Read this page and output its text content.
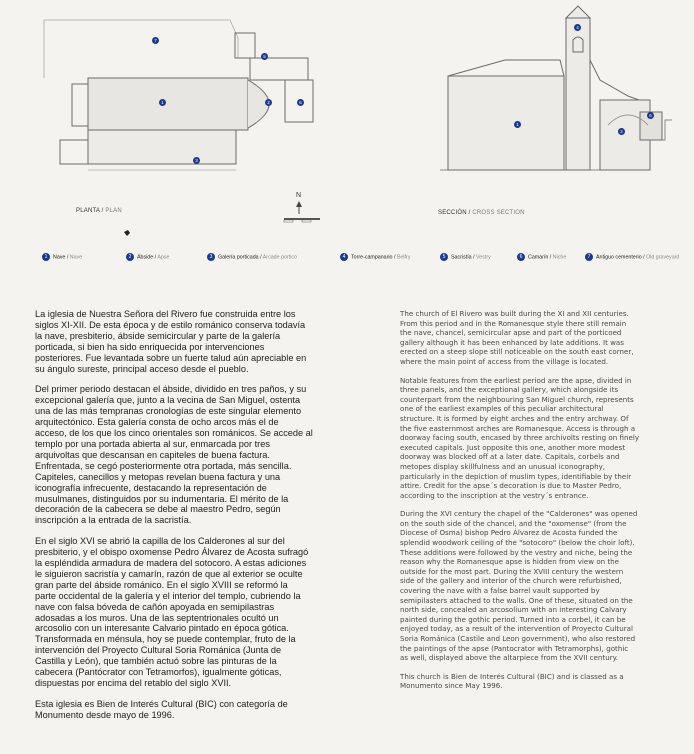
7
5
2	6
1
3
4
1
2
6
PLANTA / PLAN
N
SECCIÓN / CROSS SECTION
1 Nave / Nave	2 Ábside / Apse	3 Galería porticada / Arcade portico	4 Torre-campanario / Belfry	5 Sacristía / Vestry	6 Camarín / Niche	7 Antiguo cementerio / Old graveyard
La iglesia de Nuestra Señora del Rivero fue construida entre los
siglos XI-XII. De esta época y de estilo románico conserva todavía
la nave, presbiterio, ábside semicircular y parte de la galería
porticada, si bien ha sido enriquecida por intervenciones
posteriores. Fue levantada sobre un fuerte talud aún apreciable en
su ángulo sureste, principal acceso desde el pueblo.
Del primer periodo destacan el ábside, dividido en tres paños, y su
excepcional galería que, junto a la vecina de San Miguel, ostenta
una de las más tempranas cronologías de este singular elemento
arquitectónico. Esta galería consta de ocho arcos más el de
acceso, de los que los cinco orientales son románicos. Se accede al
templo por una portada abierta al sur, enmarcada por tres
arquivoltas que descansan en capiteles de buena factura.
Enfrentada, se cegó posteriormente otra portada, más sencilla.
Capiteles, canecillos y metopas revelan buena factura y una
iconografía infrecuente, destacando la representación de
musulmanes, distinguidos por su indumentaria. El mérito de la
decoración de la cabecera se debe al maestro Pedro, según
inscripción a la entrada de la sacristía.
En el siglo XVI se abrió la capilla de los Calderones al sur del
presbiterio, y el obispo oxomense Pedro Álvarez de Acosta sufragó
la espléndida armadura de madera del sotocoro. A estas adiciones
le siguieron sacristía y camarín, razón de que al exterior se oculte
gran parte del ábside románico. En el siglo XVIII se reformó la
parte occidental de la galería y el interior del templo, cubriendo la
nave con falsa bóveda de cañón apoyada en semipilastras
adosadas a los muros. Una de las septentrionales ocultó un
arcosolio con un interesante Calvario pintado en época gótica.
Transformada en ménsula, hoy se puede contemplar, fruto de la
intervención del Proyecto Cultural Soria Románica (Junta de
Castilla y León), que también actuó sobre las pinturas de la
cabecera (Pantócrator con Tetramorfos), igualmente góticas,
dispuestas por encima del retablo del siglo XVII.
Esta iglesia es Bien de Interés Cultural (BIC) con categoría de
Monumento desde mayo de 1996.
The church of El Rivero was built during the XI and XII centuries.
From this period and in the Romanesque style there still remain
the nave, chancel, semicircular apse and part of the porticoed
gallery although it has been enhanced by late additions. It was
erected on a steep slope still noticeable on the south east corner,
where the main point of access from the village is located.
Notable features from the earliest period are the apse, divided in
three panels, and the exceptional gallery, which alongside its
counterpart from the neighbouring San Miguel church, represents
one of the earliest examples of this peculiar architectural
structure. It is formed by eight arches and the entry archway. Of
the five easternmost arches are Romanesque. Access is through a
doorway facing south, encased by three archivolts resting on finely
executed capitals. Just opposite this one, another more modest
doorway was blocked off at a later date. Capitals, corbels and
metopes display skillfulness and an unusual iconography,
particularly in the depiction of muslim types, identifiable by their
attire. Credit for the apse´s decoration is due to Master Pedro,
according to the inscription at the vestry´s entrance.
During the XVI century the chapel of the "Calderones" was opened
on the south side of the chancel, and the "oxomense" (from the
Diocese of Osma) bishop Pedro Álvarez de Acosta funded the
splendid woodwork ceiling of the "sotocoro" (below the choir loft).
These additions were followed by the vestry and niche, being the
reason why the Romanesque apse is hidden from view on the
outside for the most part. During the XVIII century the western
side of the gallery and interior of the church were refurbished,
covering the nave with a false barrel vault supported by
semipilasters attached to the walls. One of these, situated on the
north side, concealed an arcosolium with an interesting Calvary
painted during the gothic period. Turned into a corbel, it can be
enjoyed today, as a result of the intervention of Proyecto Cultural
Soria Románica (Castile and Leon government), who also restored
the paintings of the apse (Pantocrator with Tetramorphs), gothic
as well, displayed above the altarpiece from the XVII century.
This church is Bien de Interés Cultural (BIC) and is classed as a
Monumento since May 1996.
